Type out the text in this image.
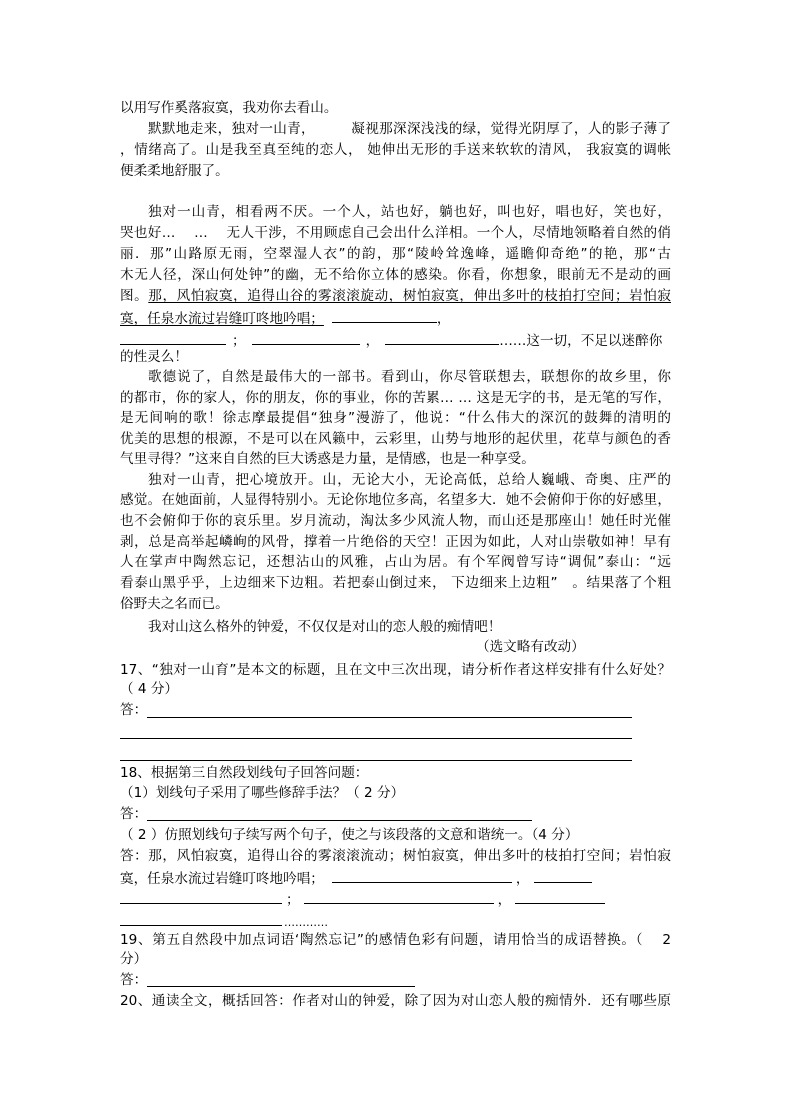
以用写作奚落寂寞，我劝你去看山。
默默地走来，独对一山青，	凝视那深深浅浅的绿，觉得光阴厚了，人的影子薄了
，情绪高了。山是我至真至纯的恋人， 她伸出无形的手送来软软的清风， 我寂寞的调帐
便柔柔地舒服了。
独对一山青，相看两不厌。一个人，站也好，躺也好，叫也好，唱也好，笑也好，
哭也好…　 …　 无人干涉，不用顾虑自己会出什么洋相。一个人，尽情地领略着自然的俏
丽．那”山路原无雨，空翠湿人衣”的韵，那“陵岭耸逸峰，遥瞻仰奇绝”的艳，那“古
木无人径，深山何处钟”的幽，无不给你立体的感染。你看，你想象，眼前无不是动的画
图。那，风怕寂寞，追得山谷的雾滚滚旋动，树怕寂寞，伸出多叶的枝拍打空间；岩怕寂
寞，任泉水流过岩缝叮咚地吟唱；	，
；	，	……这一切，不足以迷醉你
的性灵么！
歌德说了，自然是最伟大的一部书。看到山，你尽管联想去，联想你的故乡里，你
的都市，你的家人，你的朋友，你的事业，你的苦累… … 这是无字的书，是无笔的写作，
是无间响的歌！徐志摩最提倡“独身”漫游了，他说：“什么伟大的深沉的鼓舞的清明的
优美的思想的根源，不是可以在风籁中，云彩里，山势与地形的起伏里，花草与颜色的香
气里寻得？”这来自自然的巨大诱惑是力量，是情感，也是一种享受。
独对一山青，把心境放开。山，无论大小，无论高低，总给人巍峨、奇奥、庄严的
感觉。在她面前，人显得特别小。无论你地位多高，名望多大．她不会俯仰于你的好感里，
也不会俯仰于你的哀乐里。岁月流动，淘汰多少风流人物，而山还是那座山！她任时光催
剥，总是高举起嶙峋的风骨，撑着一片绝俗的天空！正因为如此，人对山崇敬如神！早有
人在掌声中陶然忘记，还想沾山的风雅，占山为居。有个军阀曾写诗“调侃”泰山：“远
看泰山黑乎乎，上边细来下边粗。若把泰山倒过来， 下边细来上边粗”　。结果落了个粗
俗野夫之名而已。
我对山这么格外的钟爱，不仅仅是对山的恋人般的痴情吧！
（选文略有改动）
17、“独对一山育”是本文的标题，且在文中三次出现，请分析作者这样安排有什么好处？
（ 4 分）
答：
18、根据第三自然段划线句子回答问题：
（1）划线句子采用了哪些修辞手法？（ 2 分）
答：
（ 2 ）仿照划线句子续写两个句子，使之与该段落的文意和谐统一。（4 分）
答：那，风怕寂寞，追得山谷的雾滚滚流动；树怕寂寞，伸出多叶的枝拍打空间；岩怕寂
寞，任泉水流过岩缝叮咚地吟唱；	，
；	，
…………
19、第五自然段中加点词语‘陶然忘记”的感情色彩有问题，请用恰当的成语替换。（　 2
分）
答：
20、通读全文，概括回答：作者对山的钟爱，除了因为对山恋人般的痴情外．还有哪些原
